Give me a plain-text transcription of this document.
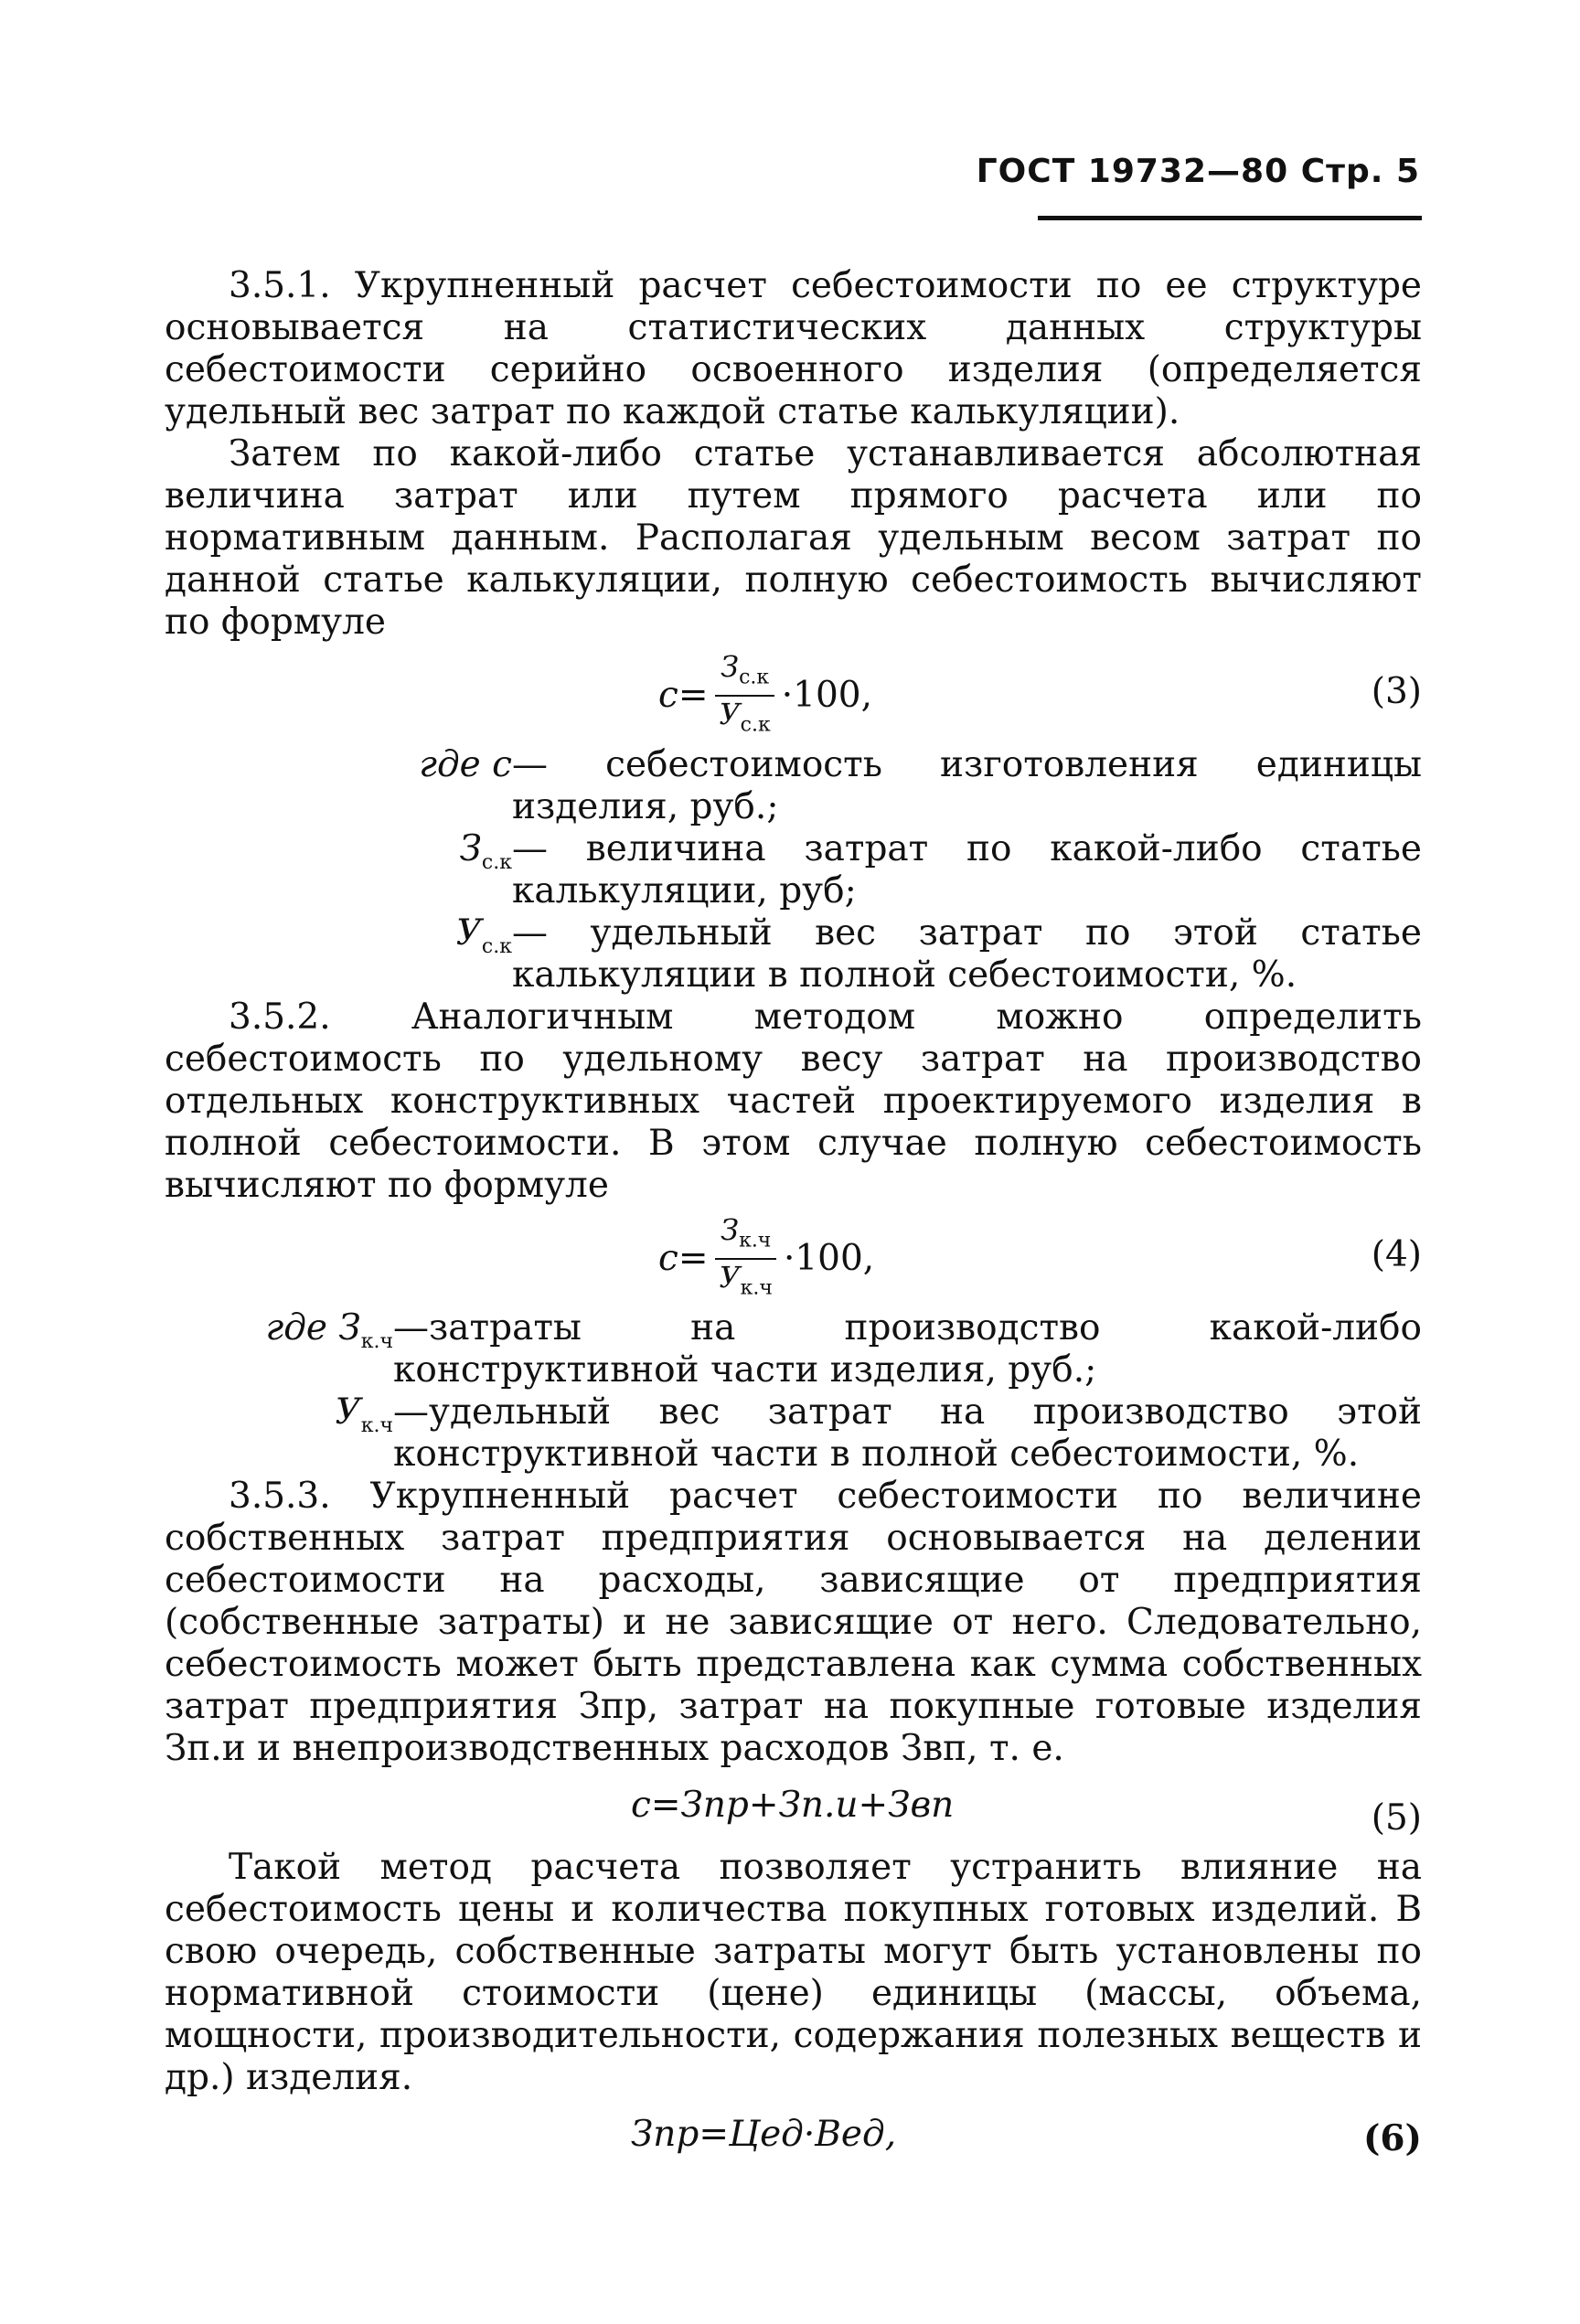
ГОСТ 19732—80 Стр. 5

3.5.1. Укрупненный расчет себестоимости по ее структуре основывается на статистических данных структуры себестоимости серийно освоенного изделия (определяется удельный вес затрат по каждой статье калькуляции).

Затем по какой-либо статье устанавливается абсолютная величина затрат или путем прямого расчета или по нормативным данным. Располагая удельным весом затрат по данной статье калькуляции, полную себестоимость вычисляют по формуле

$с = \frac{З_{с.к}}{У_{с.к}} \cdot 100$,	(3)
где с — себестоимость изготовления единицы изделия, руб.;
$З_{с.к}$ — величина затрат по какой-либо статье калькуляции, руб;
$У_{с.к}$ — удельный вес затрат по этой статье калькуляции в полной себестоимости, %.

3.5.2. Аналогичным методом можно определить себестоимость по удельному весу затрат на производство отдельных конструктивных частей проектируемого изделия в полной себестоимости. В этом случае полную себестоимость вычисляют по формуле

$с = \frac{З_{к.ч}}{У_{к.ч}} \cdot 100$,	(4)
где $З_{к.ч}$ —затраты на производство какой-либо конструктивной части изделия, руб.;
$У_{к.ч}$ —удельный вес затрат на производство этой конструктивной части в полной себестоимости, %.

3.5.3. Укрупненный расчет себестоимости по величине собственных затрат предприятия основывается на делении себестоимости на расходы, зависящие от предприятия (собственные затраты) и не зависящие от него. Следовательно, себестоимость может быть представлена как сумма собственных затрат предприятия Зпр, затрат на покупные готовые изделия Зп.и и внепроизводственных расходов Звп, т. е.

с=Зпр+Зп.и+Звп	(5)

Такой метод расчета позволяет устранить влияние на себестоимость цены и количества покупных готовых изделий. В свою очередь, собственные затраты могут быть установлены по нормативной стоимости (цене) единицы (массы, объема, мощности, производительности, содержания полезных веществ и др.) изделия.

Зпр=Цед·Вед,	(6)
